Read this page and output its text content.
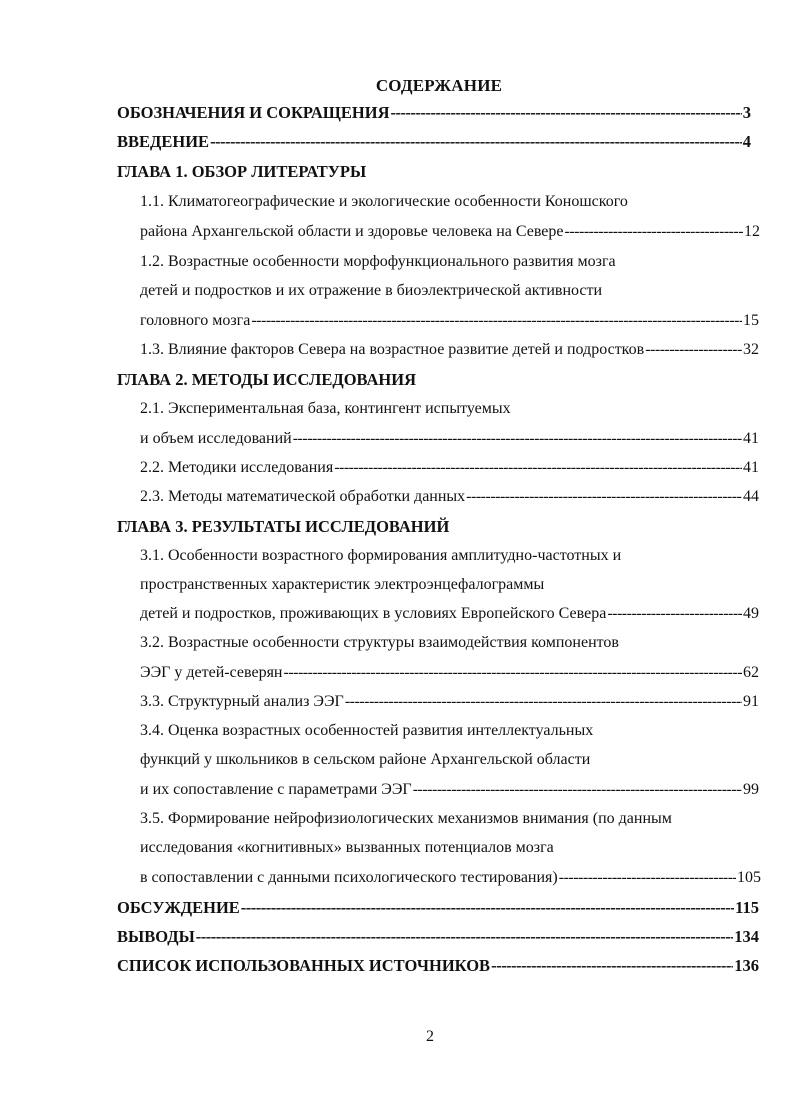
СОДЕРЖАНИЕ
ОБОЗНАЧЕНИЯ И СОКРАЩЕНИЯ -----	3
ВВЕДЕНИЕ -----	4
ГЛАВА 1. ОБЗОР ЛИТЕРАТУРЫ
1.1. Климатогеографические и экологические особенности Коношского
района Архангельской области и здоровье человека на Севере -----	12
1.2. Возрастные особенности морфофункционального развития мозга
детей и подростков и их отражение в биоэлектрической активности
головного мозга -----	15
1.3. Влияние факторов Севера на возрастное развитие детей и подростков -----	32
ГЛАВА 2. МЕТОДЫ ИССЛЕДОВАНИЯ
2.1. Экспериментальная база, контингент испытуемых
и объем исследований -----	41
2.2. Методики исследования -----	41
2.3. Методы математической обработки данных -----	44
ГЛАВА 3. РЕЗУЛЬТАТЫ ИССЛЕДОВАНИЙ
3.1. Особенности возрастного формирования амплитудно-частотных и
пространственных характеристик электроэнцефалограммы
детей и подростков, проживающих в условиях Европейского Севера -----	49
3.2. Возрастные особенности структуры взаимодействия компонентов
ЭЭГ у детей-северян -----	62
3.3. Структурный анализ ЭЭГ -----	91
3.4. Оценка возрастных особенностей развития интеллектуальных
функций у школьников в сельском районе Архангельской области
и их сопоставление с параметрами ЭЭГ -----	99
3.5. Формирование нейрофизиологических механизмов внимания (по данным
исследования «когнитивных» вызванных потенциалов мозга
в сопоставлении с данными психологического тестирования) -----	105
ОБСУЖДЕНИЕ -----	115
ВЫВОДЫ -----	134
СПИСОК ИСПОЛЬЗОВАННЫХ ИСТОЧНИКОВ -----	136
2
